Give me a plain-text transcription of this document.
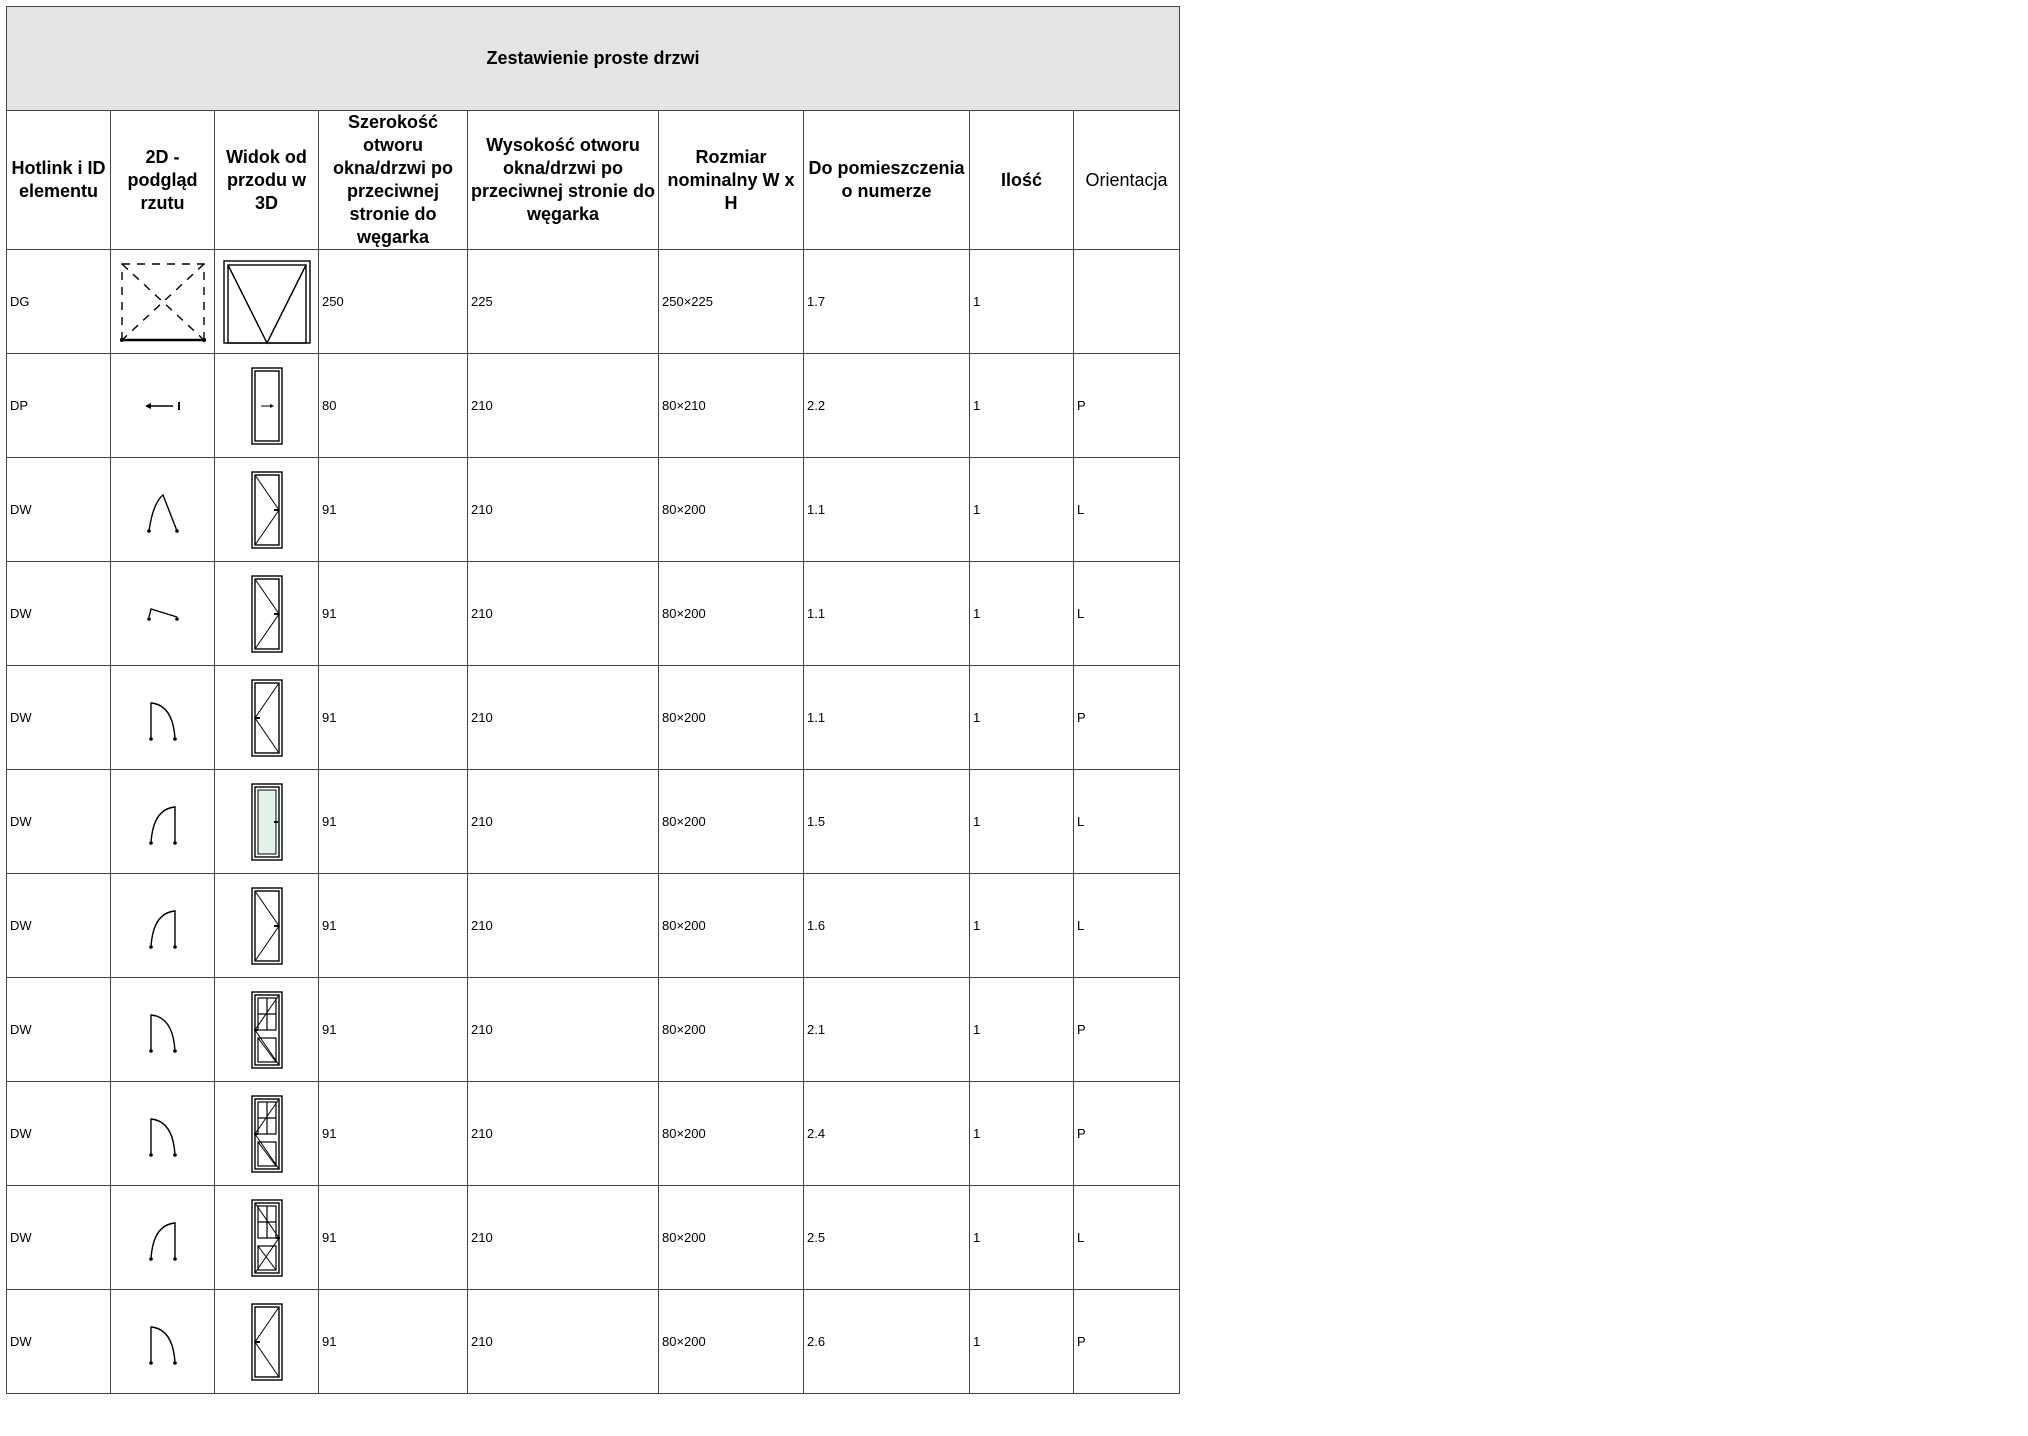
Zestawienie proste drzwi								
Hotlink i ID elementu	2D - podgląd rzutu	Widok od przodu w 3D	Szerokość otworu okna/drzwi po przeciwnej stronie do węgarka	Wysokość otworu okna/drzwi po przeciwnej stronie do węgarka	Rozmiar nominalny W x H	Do pomieszczenia o numerze	Ilość	Orientacja
DG			250	225	250×225	1.7	1	
DP			80	210	80×210	2.2	1	P
DW			91	210	80×200	1.1	1	L
DW			91	210	80×200	1.1	1	L
DW			91	210	80×200	1.1	1	P
DW			91	210	80×200	1.5	1	L
DW			91	210	80×200	1.6	1	L
DW			91	210	80×200	2.1	1	P
DW			91	210	80×200	2.4	1	P
DW			91	210	80×200	2.5	1	L
DW			91	210	80×200	2.6	1	P
